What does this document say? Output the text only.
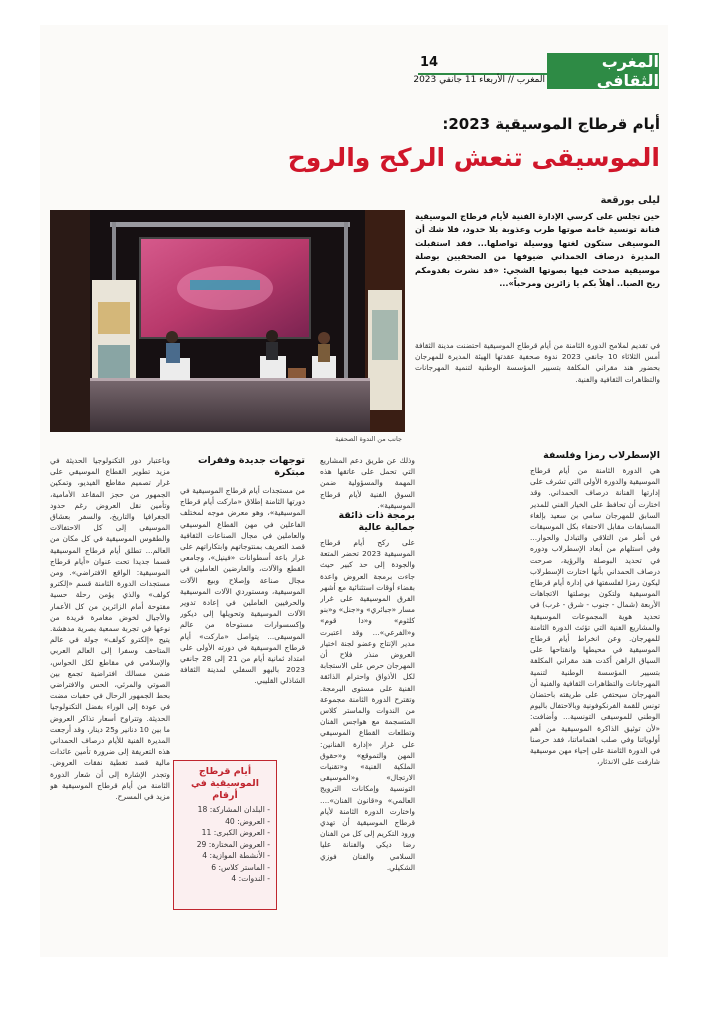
المغرب الثقافي
14
المغرب // الأربعاء 11 جانفي 2023
أيام قرطاج الموسيقية 2023:
الموسيقى تنعش الركح والروح
ليلى بورقعة
حين تجلس على كرسي الإدارة الفنية لأيام قرطاج الموسيقية فنانة تونسية خامة صوتها طرب وعذوبة بلا حدود، فلا شك أن الموسيقى ستكون لغتها ووسيلة تواصلها... فقد استقبلت المديرة درصاف الحمداني ضيوفها من الصحفيين بوصلة موسيقية صدحت فيها بصوتها الشجي: «قد نشرت بقدومكم ريح الصبا.. أهلاً بكم يا زائرين ومرحباً»...
جانب من الندوة الصحفية
في تقديم لملامح الدورة الثامنة من أيام قرطاج الموسيقية احتضنت مدينة الثقافة أمس الثلاثاء 10 جانفي 2023 ندوة صحفية عقدتها الهيئة المديرة للمهرجان بحضور هند مقراني المكلفة بتسيير المؤسسة الوطنية لتنمية المهرجانات والتظاهرات الثقافية والفنية.
الإسطرلاب رمزا وفلسفة
هي الدورة الثامنة من أيام قرطاج الموسيقية والدورة الأولى التي تشرف على إدارتها الفنانة درصاف الحمداني. وقد اختارت أن تحافظ على الخيار الفني للمدير السابق للمهرجان سامي بن سعيد بإلغاء المسابقات مقابل الاحتفاء بكل الموسيقات في أطر من التلاقي والتبادل والحوار... وفي استلهام من أبعاد الإسطرلاب ودوره في تحديد البوصلة والرؤية، صرحت درصاف الحمداني بأنها اختارت الإسطرلاب ليكون رمزا لفلسفتها في إدارة أيام قرطاج الموسيقية ولتكون بوصلتها الاتجاهات الأربعة (شمال - جنوب - شرق - غرب) في تحديد هوية المجموعات الموسيقية والمشاريع الفنية التي تؤثث الدورة الثامنة للمهرجان. وعن انخراط أيام قرطاج الموسيقية في محيطها وانفتاحها على السياق الراهن أكدت هند مقراني المكلفة بتسيير المؤسسة الوطنية لتنمية المهرجانات والتظاهرات الثقافية والفنية أن المهرجان سيحتفي على طريقته باحتضان تونس للقمة الفرنكوفونية وبالاحتفال باليوم الوطني للموسيقى التونسية... وأضافت: «لأن توثيق الذاكرة الموسيقية من أهم أولوياتنا وفي صلب اهتماماتنا، فقد حرصنا في الدورة الثامنة على إحياء مهن موسيقية شارفت على الاندثار،
وذلك عن طريق دعم المشاريع التي تحمل على عاتقها هذه المهمة والمسؤولية ضمن السوق الفنية لأيام قرطاج الموسيقية».
برمجة ذات ذائقة جمالية عالية
على ركح أيام قرطاج الموسيقية 2023 تحضر المتعة والجودة إلى حد كبير حيث جاءت برمجة العروض واعدة بقضاء أوقات استثنائية مع أشهر الفرق الموسيقية على غرار مسار «جبائري» و«جنل» و«بنو كلثوم» و«دا قوم» و«الفرعي»... وقد اعتبرت مدير الإنتاج وعضو لجنة اختيار العروض منذر فلاح أن المهرجان حرص على الاستجابة لكل الأذواق واحترام الذائقة الفنية على مستوى البرمجة. وتقترح الدورة الثامنة مجموعة من الندوات والماستر كلاس المتسجمة مع هواجس الفنان وتطلعات القطاع الموسيقي على غرار «إدارة الفنانين: المهن والتموقع» و«حقوق الملكية الفنية» و«تقنيات الارتجال» و«الموسيقى التونسية وإمكانات الترويج العالمي» و«قانون الفنان».... واختارت الدورة الثامنة لأيام قرطاج الموسيقية أن تهدي ورود التكريم إلى كل من الفنان رضا ديكي والفنانة عليا السلامي والفنان فوزي الشكيلي.
توجهات جديدة وفقرات مبتكرة
من مستجدات أيام قرطاج الموسيقية في دورتها الثامنة إطلاق «ماركت أيام قرطاج الموسيقية»، وهو معرض موجه لمختلف الفاعلين في مهن القطاع الموسيقي والعاملين في مجال الصناعات الثقافية قصد التعريف بمنتوجاتهم وابتكاراتهم على غرار باعة أسطوانات «فينيل»، وجامعي القطع والآلات، والعارضين العاملين في مجال صناعة وإصلاح وبيع الآلات الموسيقية، ومستوردي الآلات الموسيقية والحرفيين العاملين في إعادة تدوير الآلات الموسيقية وتحويلها إلى ديكور وإكسسوارات مستوحاة من عالم الموسيقى... يتواصل «ماركت» أيام قرطاج الموسيقية في دورته الأولى على امتداد ثمانية أيام من 21 إلى 28 جانفي 2023 بالبهو السفلي لمدينة الثقافة الشاذلي القليبي.
أيام قرطاج الموسيقية في أرقام
- البلدان المشاركة: 18
- العروض: 40
- العروض الكبرى: 11
- العروض المختارة: 29
- الأنشطة الموازية: 4
- الماستر كلاس: 6
- الندوات: 4
وباعتبار دور التكنولوجيا الحديثة في مزيد تطوير القطاع الموسيقي على غرار تصميم مقاطع الفيديو، وتمكين الجمهور من حجز المقاعد الأمامية، وتأمين نقل العروض رغم حدود الجغرافيا والتاريخ، والسفر بعشاق الموسيقى إلى كل الاحتفالات والطقوس الموسيقية في كل مكان من العالم... تطلق أيام قرطاج الموسيقية قسما جديدا تحت عنوان «أيام قرطاج الموسيقية: الواقع الافتراضي». ومن مستجدات الدورة الثامنة قسم «إلكترو كولف» والذي يؤمن رحلة حسية مفتوحة أمام الزائرين من كل الأعمار والأجيال لخوض مغامرة فريدة من نوعها في تجربة سمعية بصرية مدهشة. يتيح «إلكترو كولف» جولة في عالم المتاحف وسفرا إلى العالم العربي والإسلامي في مقاطع لكل الحواس، ضمن مسالك افتراضية تجمع بين الصوتي والمرئي، الحس والافتراضي بحط الجمهور الرحال في حقبات مضت في عودة إلى الوراء بفضل التكنولوجيا الحديثة. وتتراوح أسعار تذاكر العروض ما بين 10 دنانير و25 دينار، وقد أرجعت المديرة الفنية للأيام درصاف الحمداني هذه التعريفة إلى ضرورة تأمين عائدات مالية قصد تغطية نفقات العروض. وتجدر الإشارة إلى أن شعار الدورة الثامنة من أيام قرطاج الموسيقية هو مزيد في المسرح.
